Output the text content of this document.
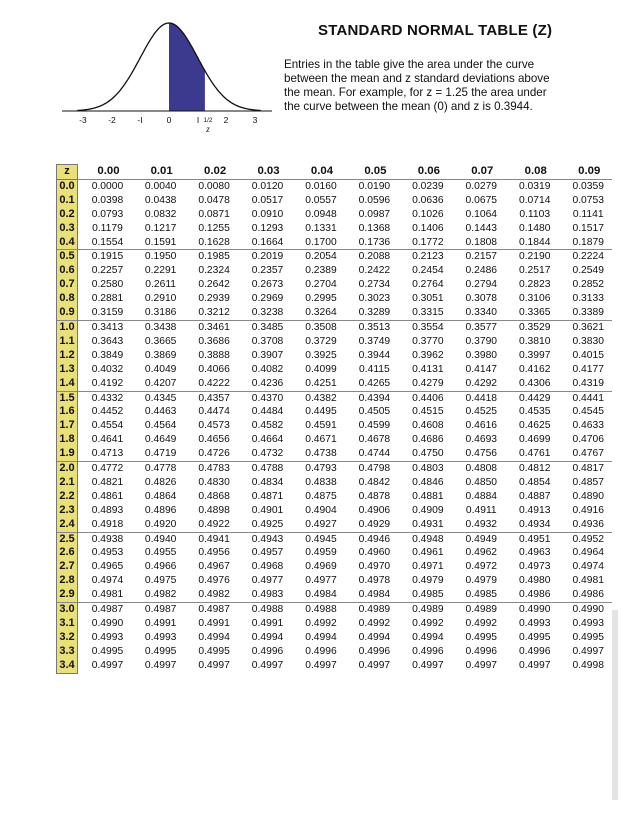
-3	-2	-I	0	I	2	3
1/2
z
STANDARD NORMAL TABLE (Z)
Entries in the table give the area under the curve
between the mean and z standard deviations above
the mean. For example, for z = 1.25 the area under
the curve between the mean (0) and z is 0.3944.
z	0.00	0.01	0.02	0.03	0.04	0.05	0.06	0.07	0.08	0.09
0.0	0.0000	0.0040	0.0080	0.0120	0.0160	0.0190	0.0239	0.0279	0.0319	0.0359
0.1	0.0398	0.0438	0.0478	0.0517	0.0557	0.0596	0.0636	0.0675	0.0714	0.0753
0.2	0.0793	0.0832	0.0871	0.0910	0.0948	0.0987	0.1026	0.1064	0.1103	0.1141
0.3	0.1179	0.1217	0.1255	0.1293	0.1331	0.1368	0.1406	0.1443	0.1480	0.1517
0.4	0.1554	0.1591	0.1628	0.1664	0.1700	0.1736	0.1772	0.1808	0.1844	0.1879
0.5	0.1915	0.1950	0.1985	0.2019	0.2054	0.2088	0.2123	0.2157	0.2190	0.2224
0.6	0.2257	0.2291	0.2324	0.2357	0.2389	0.2422	0.2454	0.2486	0.2517	0.2549
0.7	0.2580	0.2611	0.2642	0.2673	0.2704	0.2734	0.2764	0.2794	0.2823	0.2852
0.8	0.2881	0.2910	0.2939	0.2969	0.2995	0.3023	0.3051	0.3078	0.3106	0.3133
0.9	0.3159	0.3186	0.3212	0.3238	0.3264	0.3289	0.3315	0.3340	0.3365	0.3389
1.0	0.3413	0.3438	0.3461	0.3485	0.3508	0.3513	0.3554	0.3577	0.3529	0.3621
1.1	0.3643	0.3665	0.3686	0.3708	0.3729	0.3749	0.3770	0.3790	0.3810	0.3830
1.2	0.3849	0.3869	0.3888	0.3907	0.3925	0.3944	0.3962	0.3980	0.3997	0.4015
1.3	0.4032	0.4049	0.4066	0.4082	0.4099	0.4115	0.4131	0.4147	0.4162	0.4177
1.4	0.4192	0.4207	0.4222	0.4236	0.4251	0.4265	0.4279	0.4292	0.4306	0.4319
1.5	0.4332	0.4345	0.4357	0.4370	0.4382	0.4394	0.4406	0.4418	0.4429	0.4441
1.6	0.4452	0.4463	0.4474	0.4484	0.4495	0.4505	0.4515	0.4525	0.4535	0.4545
1.7	0.4554	0.4564	0.4573	0.4582	0.4591	0.4599	0.4608	0.4616	0.4625	0.4633
1.8	0.4641	0.4649	0.4656	0.4664	0.4671	0.4678	0.4686	0.4693	0.4699	0.4706
1.9	0.4713	0.4719	0.4726	0.4732	0.4738	0.4744	0.4750	0.4756	0.4761	0.4767
2.0	0.4772	0.4778	0.4783	0.4788	0.4793	0.4798	0.4803	0.4808	0.4812	0.4817
2.1	0.4821	0.4826	0.4830	0.4834	0.4838	0.4842	0.4846	0.4850	0.4854	0.4857
2.2	0.4861	0.4864	0.4868	0.4871	0.4875	0.4878	0.4881	0.4884	0.4887	0.4890
2.3	0.4893	0.4896	0.4898	0.4901	0.4904	0.4906	0.4909	0.4911	0.4913	0.4916
2.4	0.4918	0.4920	0.4922	0.4925	0.4927	0.4929	0.4931	0.4932	0.4934	0.4936
2.5	0.4938	0.4940	0.4941	0.4943	0.4945	0.4946	0.4948	0.4949	0.4951	0.4952
2.6	0.4953	0.4955	0.4956	0.4957	0.4959	0.4960	0.4961	0.4962	0.4963	0.4964
2.7	0.4965	0.4966	0.4967	0.4968	0.4969	0.4970	0.4971	0.4972	0.4973	0.4974
2.8	0.4974	0.4975	0.4976	0.4977	0.4977	0.4978	0.4979	0.4979	0.4980	0.4981
2.9	0.4981	0.4982	0.4982	0.4983	0.4984	0.4984	0.4985	0.4985	0.4986	0.4986
3.0	0.4987	0.4987	0.4987	0.4988	0.4988	0.4989	0.4989	0.4989	0.4990	0.4990
3.1	0.4990	0.4991	0.4991	0.4991	0.4992	0.4992	0.4992	0.4992	0.4993	0.4993
3.2	0.4993	0.4993	0.4994	0.4994	0.4994	0.4994	0.4994	0.4995	0.4995	0.4995
3.3	0.4995	0.4995	0.4995	0.4996	0.4996	0.4996	0.4996	0.4996	0.4996	0.4997
3.4	0.4997	0.4997	0.4997	0.4997	0.4997	0.4997	0.4997	0.4997	0.4997	0.4998
